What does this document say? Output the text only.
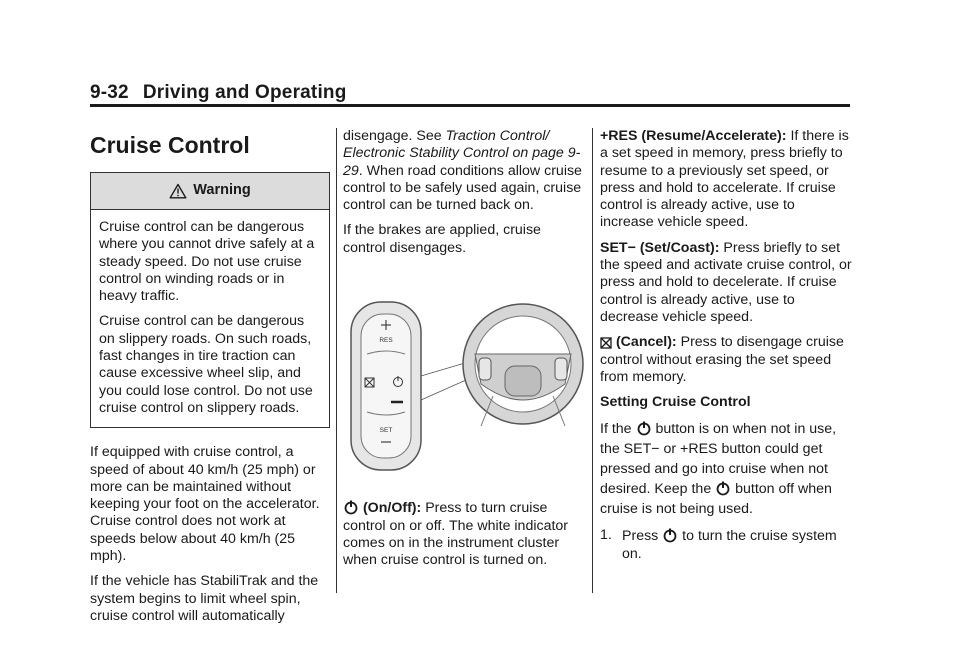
9-32 Driving and Operating
Cruise Control
Warning

Cruise control can be dangerous where you cannot drive safely at a steady speed. Do not use cruise control on winding roads or in heavy traffic.

Cruise control can be dangerous on slippery roads. On such roads, fast changes in tire traction can cause excessive wheel slip, and you could lose control. Do not use cruise control on slippery roads.

If equipped with cruise control, a speed of about 40 km/h (25 mph) or more can be maintained without keeping your foot on the accelerator. Cruise control does not work at speeds below about 40 km/h (25 mph).

If the vehicle has StabiliTrak and the system begins to limit wheel spin, cruise control will automatically

disengage. See Traction Control/ Electronic Stability Control on page 9-29. When road conditions allow cruise control to be safely used again, cruise control can be turned back on.

If the brakes are applied, cruise control disengages.

RES
SET

(On/Off): Press to turn cruise control on or off. The white indicator comes on in the instrument cluster when cruise control is turned on.

+RES (Resume/Accelerate): If there is a set speed in memory, press briefly to resume to a previously set speed, or press and hold to accelerate. If cruise control is already active, use to increase vehicle speed.

SET− (Set/Coast): Press briefly to set the speed and activate cruise control, or press and hold to decelerate. If cruise control is already active, use to decrease vehicle speed.

(Cancel): Press to disengage cruise control without erasing the set speed from memory.

Setting Cruise Control

If the button is on when not in use, the SET− or +RES button could get pressed and go into cruise when not desired. Keep the button off when cruise is not being used.

1. Press to turn the cruise system on.
